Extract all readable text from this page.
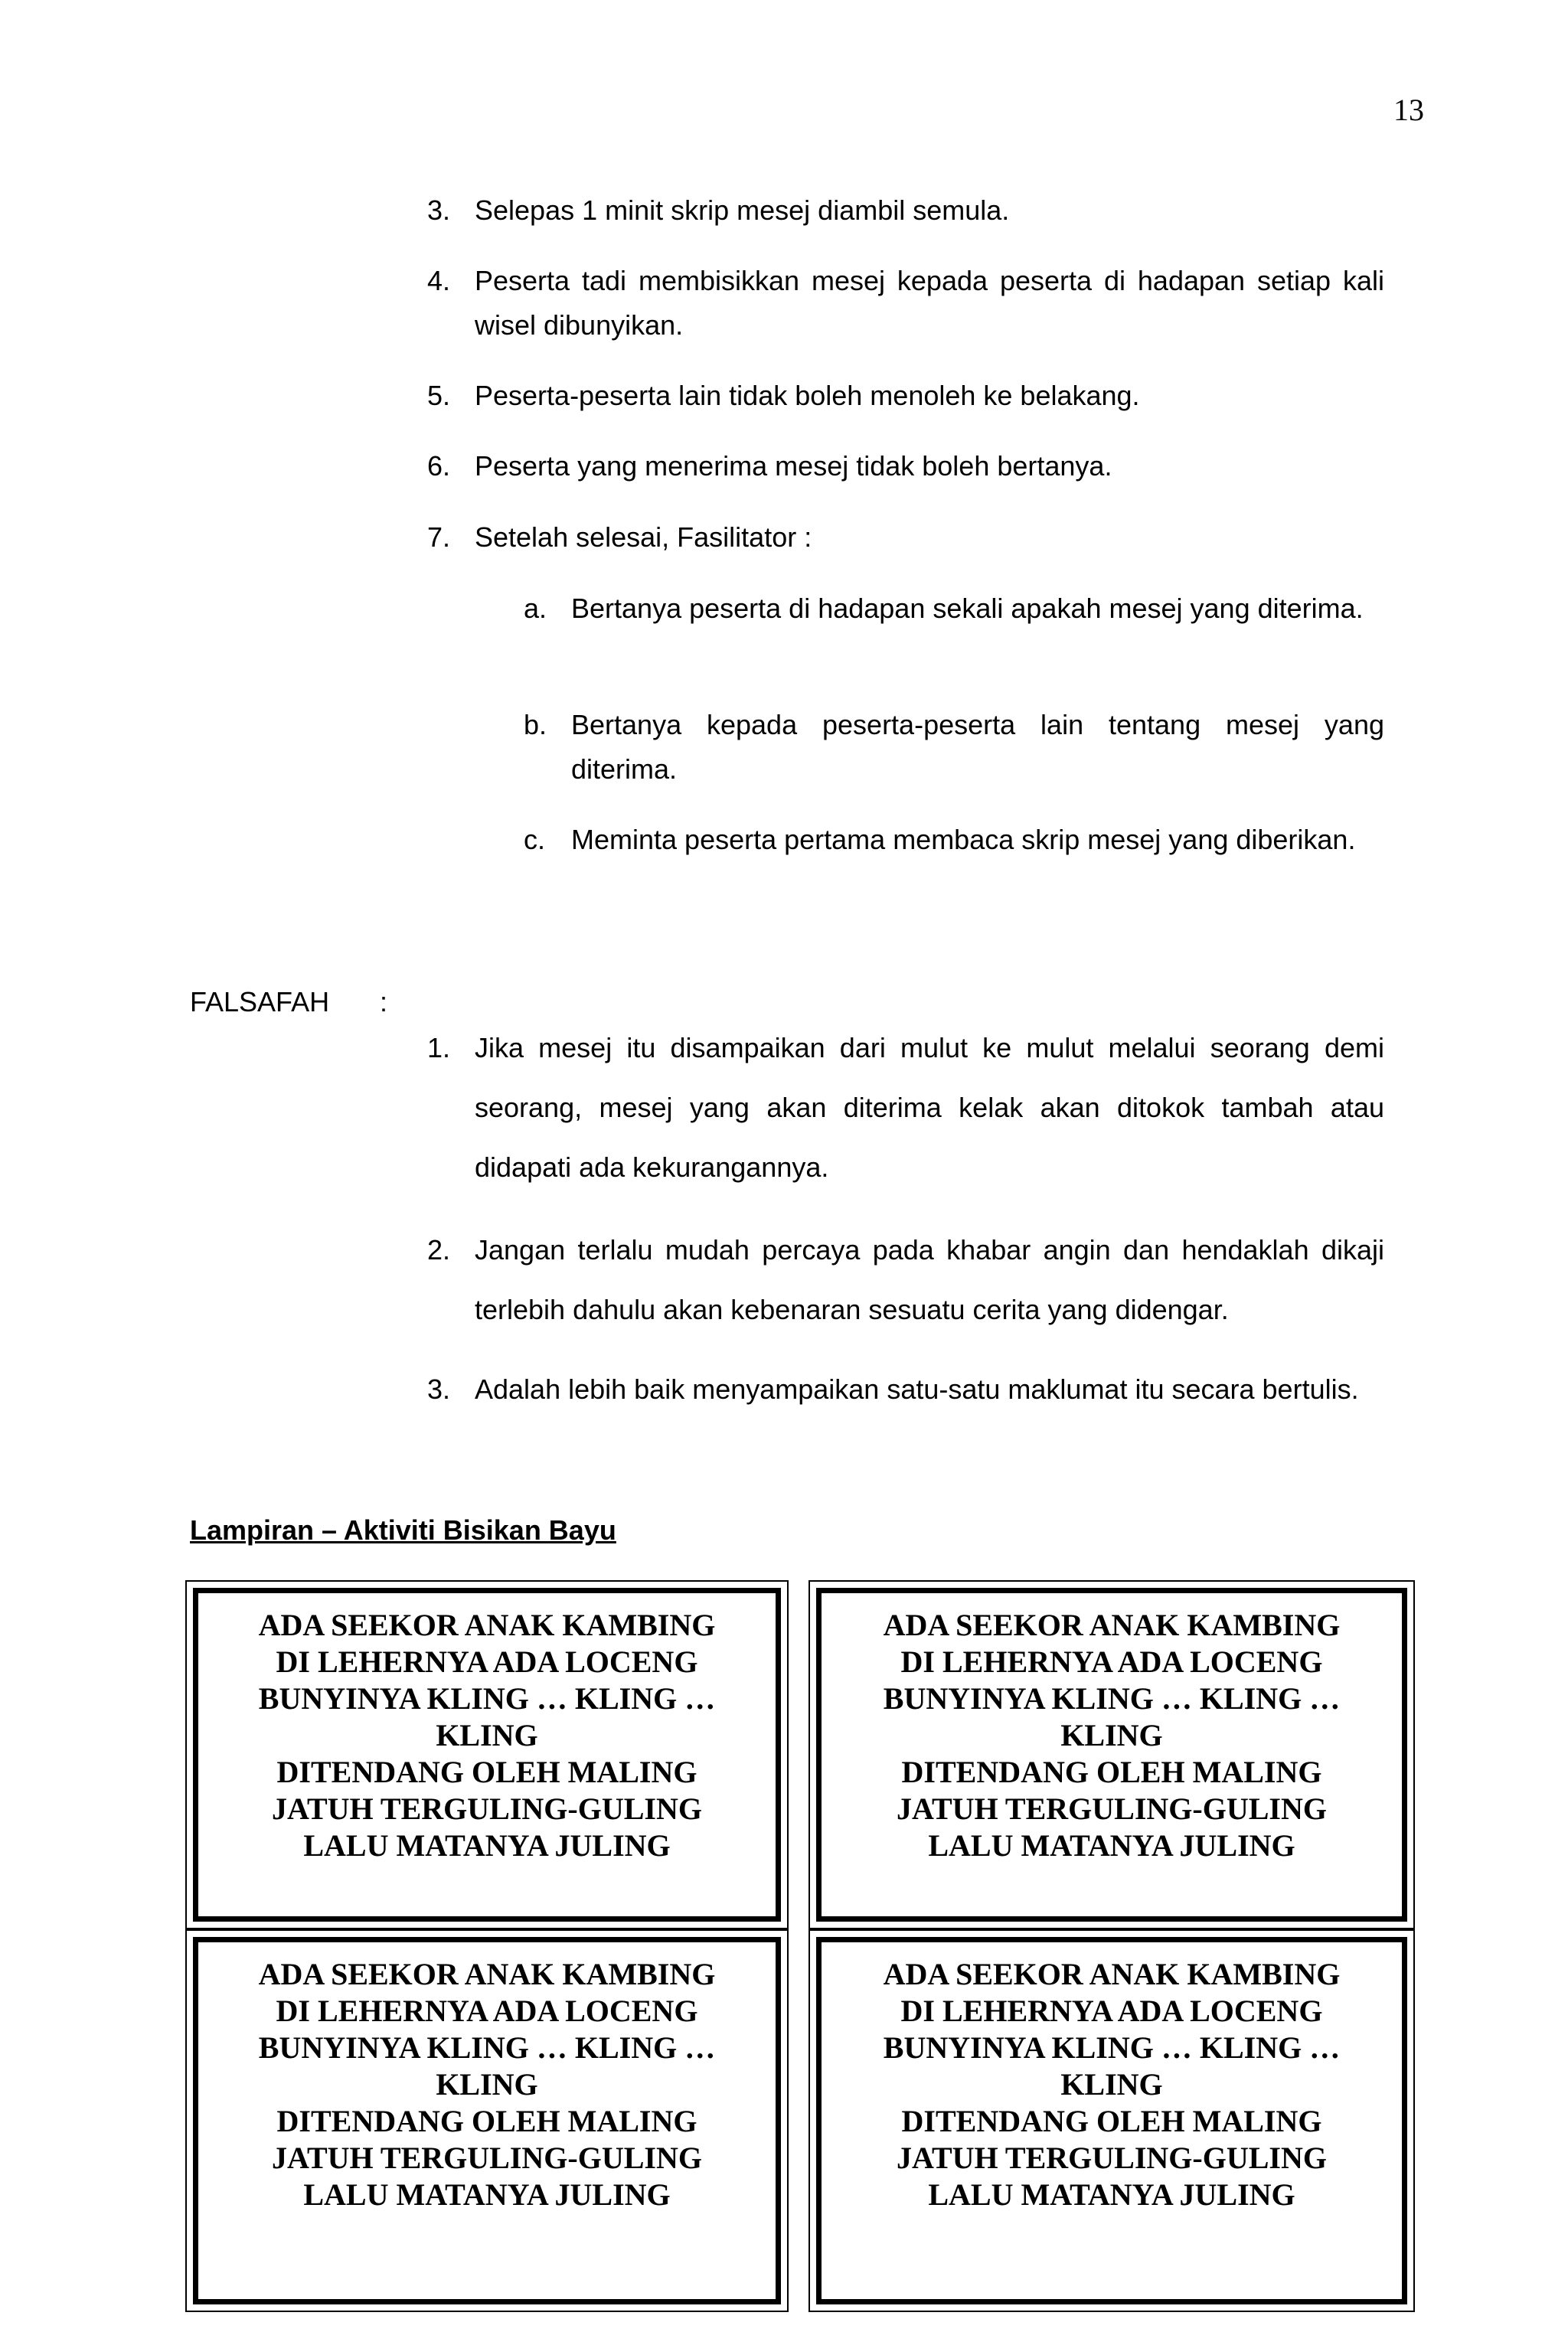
13
3. Selepas 1 minit skrip mesej diambil semula.
4. Peserta tadi membisikkan mesej kepada peserta di hadapan setiap kali wisel dibunyikan.
5. Peserta-peserta lain tidak boleh menoleh ke belakang.
6. Peserta yang menerima mesej tidak boleh bertanya.
7. Setelah selesai, Fasilitator :
a. Bertanya peserta di hadapan sekali apakah mesej yang diterima.
b. Bertanya kepada peserta-peserta lain tentang mesej yang diterima.
c. Meminta peserta pertama membaca skrip mesej yang diberikan.
FALSAFAH :
1. Jika mesej itu disampaikan dari mulut ke mulut melalui seorang demi seorang, mesej yang akan diterima kelak akan ditokok tambah atau didapati ada kekurangannya.
2. Jangan terlalu mudah percaya pada khabar angin dan hendaklah dikaji terlebih dahulu akan kebenaran sesuatu cerita yang didengar.
3. Adalah lebih baik menyampaikan satu-satu maklumat itu secara bertulis.
Lampiran – Aktiviti Bisikan Bayu
ADA SEEKOR ANAK KAMBING
DI LEHERNYA ADA LOCENG
BUNYINYA KLING … KLING …
KLING
DITENDANG OLEH MALING
JATUH TERGULING-GULING
LALU MATANYA JULING
ADA SEEKOR ANAK KAMBING
DI LEHERNYA ADA LOCENG
BUNYINYA KLING … KLING …
KLING
DITENDANG OLEH MALING
JATUH TERGULING-GULING
LALU MATANYA JULING
ADA SEEKOR ANAK KAMBING
DI LEHERNYA ADA LOCENG
BUNYINYA KLING … KLING …
KLING
DITENDANG OLEH MALING
JATUH TERGULING-GULING
LALU MATANYA JULING
ADA SEEKOR ANAK KAMBING
DI LEHERNYA ADA LOCENG
BUNYINYA KLING … KLING …
KLING
DITENDANG OLEH MALING
JATUH TERGULING-GULING
LALU MATANYA JULING
